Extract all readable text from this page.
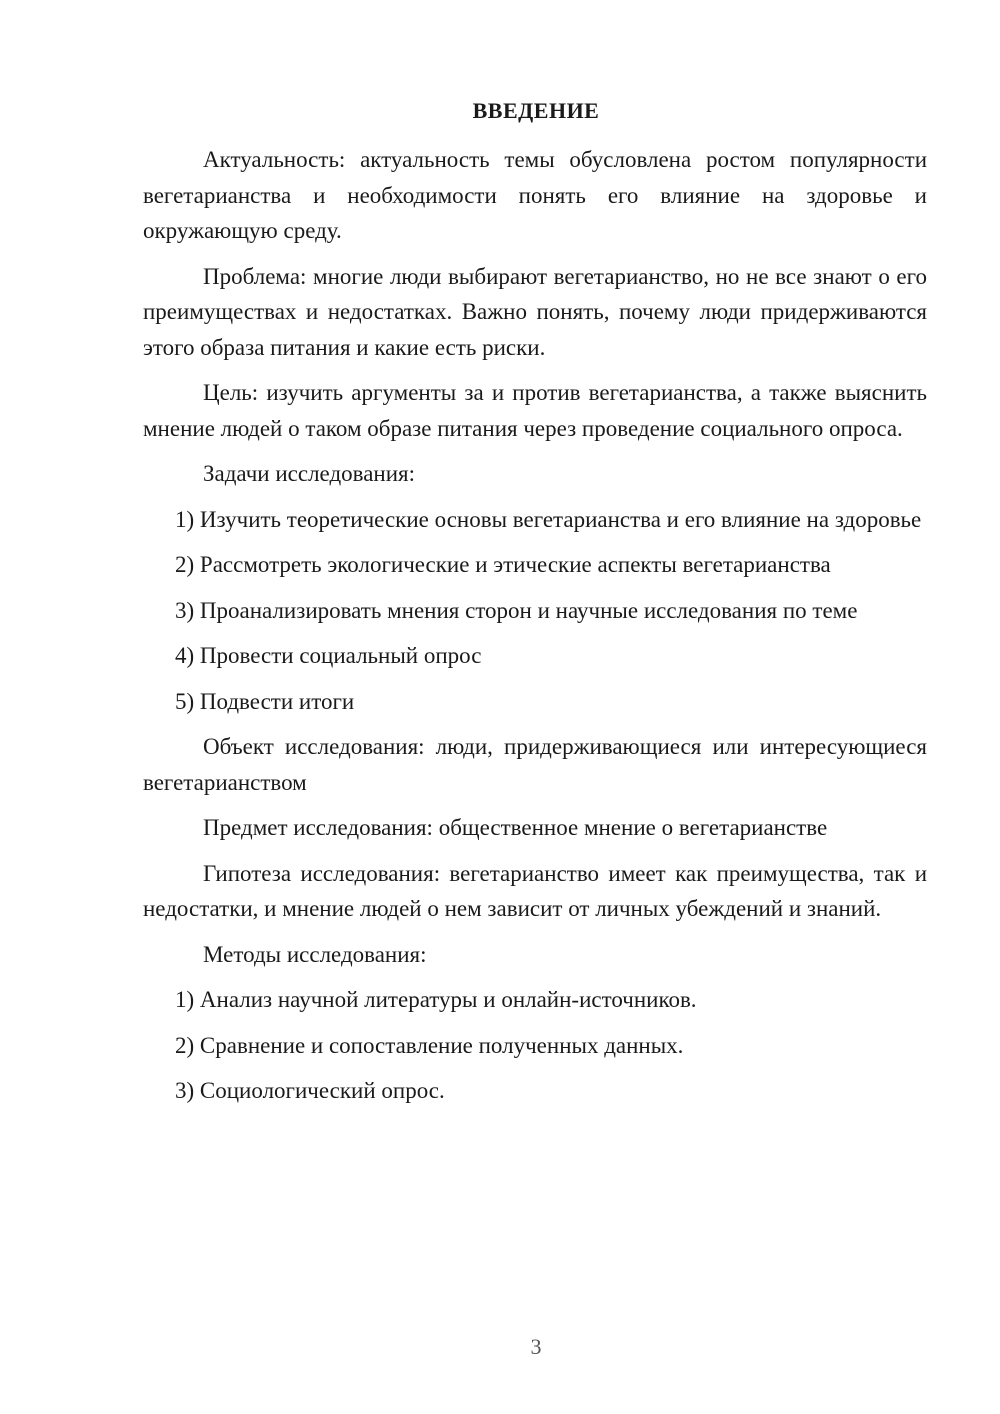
ВВЕДЕНИЕ

Актуальность: актуальность темы обусловлена ростом популярности вегетарианства и необходимости понять его влияние на здоровье и окружающую среду.

Проблема: многие люди выбирают вегетарианство, но не все знают о его преимуществах и недостатках. Важно понять, почему люди придерживаются этого образа питания и какие есть риски.

Цель: изучить аргументы за и против вегетарианства, а также выяснить мнение людей о таком образе питания через проведение социального опроса.

Задачи исследования:

1) Изучить теоретические основы вегетарианства и его влияние на здоровье

2) Рассмотреть экологические и этические аспекты вегетарианства

3) Проанализировать мнения сторон и научные исследования по теме

4) Провести социальный опрос

5) Подвести итоги

Объект исследования: люди, придерживающиеся или интересующиеся вегетарианством

Предмет исследования: общественное мнение о вегетарианстве

Гипотеза исследования: вегетарианство имеет как преимущества, так и недостатки, и мнение людей о нем зависит от личных убеждений и знаний.

Методы исследования:

1) Анализ научной литературы и онлайн-источников.

2) Сравнение и сопоставление полученных данных.

3) Социологический опрос.

3
